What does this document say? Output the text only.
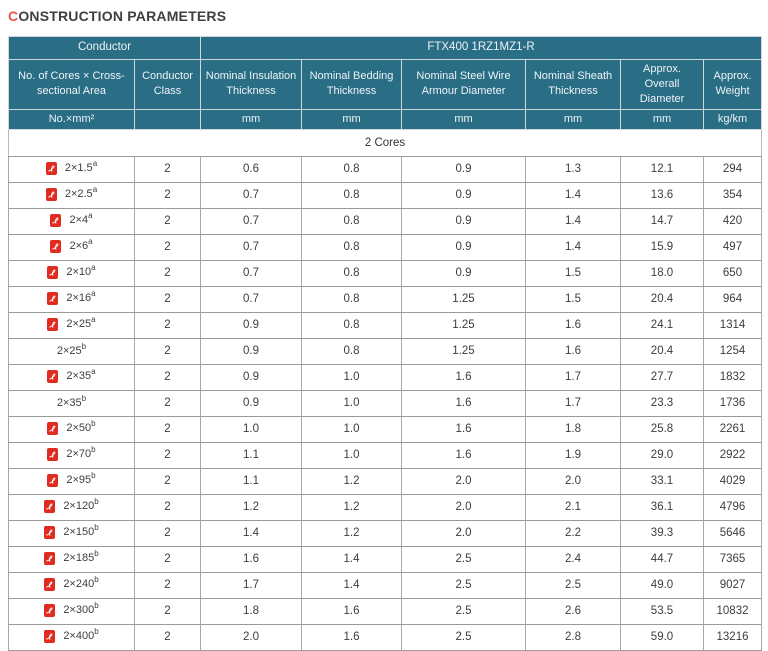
CONSTRUCTION PARAMETERS
Conductor		FTX400 1RZ1MZ1-R					
No. of Cores × Cross-sectional Area	Conductor Class	Nominal Insulation Thickness	Nominal Bedding Thickness	Nominal Steel Wire Armour Diameter	Nominal Sheath Thickness	Approx. Overall Diameter	Approx. Weight
No.×mm²		mm	mm	mm	mm	mm	kg/km
2 Cores							

2×1.5$^a$	2	0.6	0.8	0.9	1.3	12.1	294

2×2.5$^a$	2	0.7	0.8	0.9	1.4	13.6	354

$2\times 4^a$	2	0.7	0.8	0.9	1.4	14.7	420

$2\times 6^a$	2	0.7	0.8	0.9	1.4	15.9	497

$2\times 10^a$	2	0.7	0.8	0.9	1.5	18.0	650

$2\times 16^a$	2	0.7	0.8	1.25	1.5	20.4	964

$2\times 25^a$	2	0.9	0.8	1.25	1.6	24.1	1314

$2\times 25^b$	2	0.9	0.8	1.25	1.6	20.4	1254

$2\times 35^a$	2	0.9	1.0	1.6	1.7	27.7	1832

$2\times 35^b$	2	0.9	1.0	1.6	1.7	23.3	1736

$2\times 50^b$	2	1.0	1.0	1.6	1.8	25.8	2261

$2\times 70^b$	2	1.1	1.0	1.6	1.9	29.0	2922

$2\times 95^b$	2	1.1	1.2	2.0	2.0	33.1	4029

$2\times 120^b$	2	1.2	1.2	2.0	2.1	36.1	4796

$2\times 150^b$	2	1.4	1.2	2.0	2.2	39.3	5646

$2\times 185^b$	2	1.6	1.4	2.5	2.4	44.7	7365

$2\times 240^b$	2	1.7	1.4	2.5	2.5	49.0	9027

$2\times 300^b$	2	1.8	1.6	2.5	2.6	53.5	10832

$2\times 400^b$	2	2.0	1.6	2.5	2.8	59.0	13216
